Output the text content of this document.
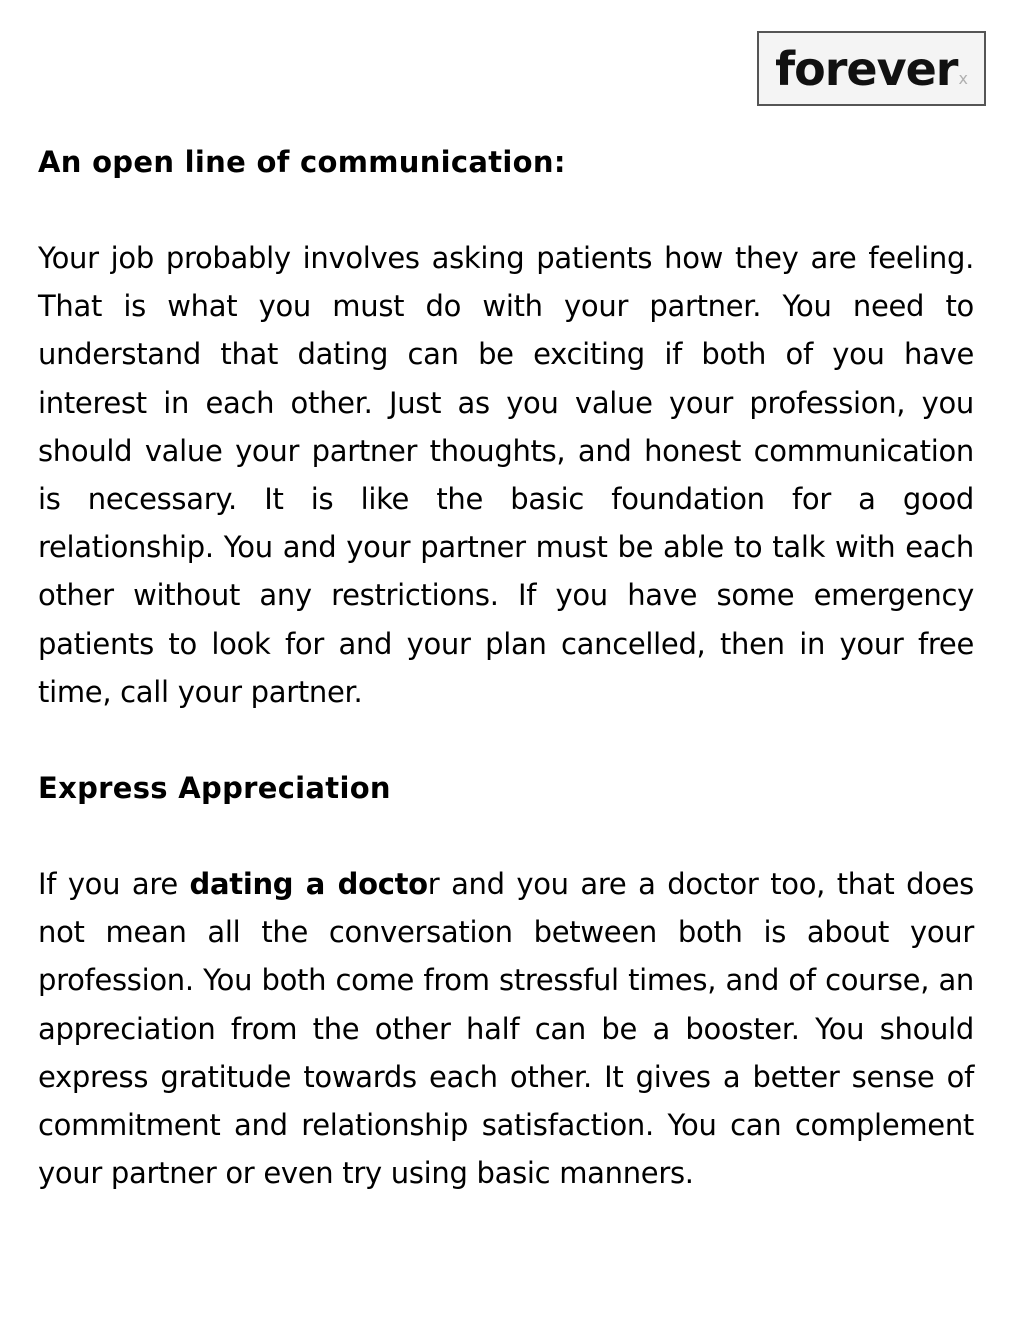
forever x
An open line of communication:

Your job probably involves asking patients how they are feeling. That is what you must do with your partner. You need to understand that dating can be exciting if both of you have interest in each other. Just as you value your profession, you should value your partner thoughts, and honest communication is necessary. It is like the basic foundation for a good relationship. You and your partner must be able to talk with each other without any restrictions. If you have some emergency patients to look for and your plan cancelled, then in your free time, call your partner.

Express Appreciation

If you are dating a doctor and you are a doctor too, that does not mean all the conversation between both is about your profession. You both come from stressful times, and of course, an appreciation from the other half can be a booster. You should express gratitude towards each other. It gives a better sense of commitment and relationship satisfaction. You can complement your partner or even try using basic manners.
